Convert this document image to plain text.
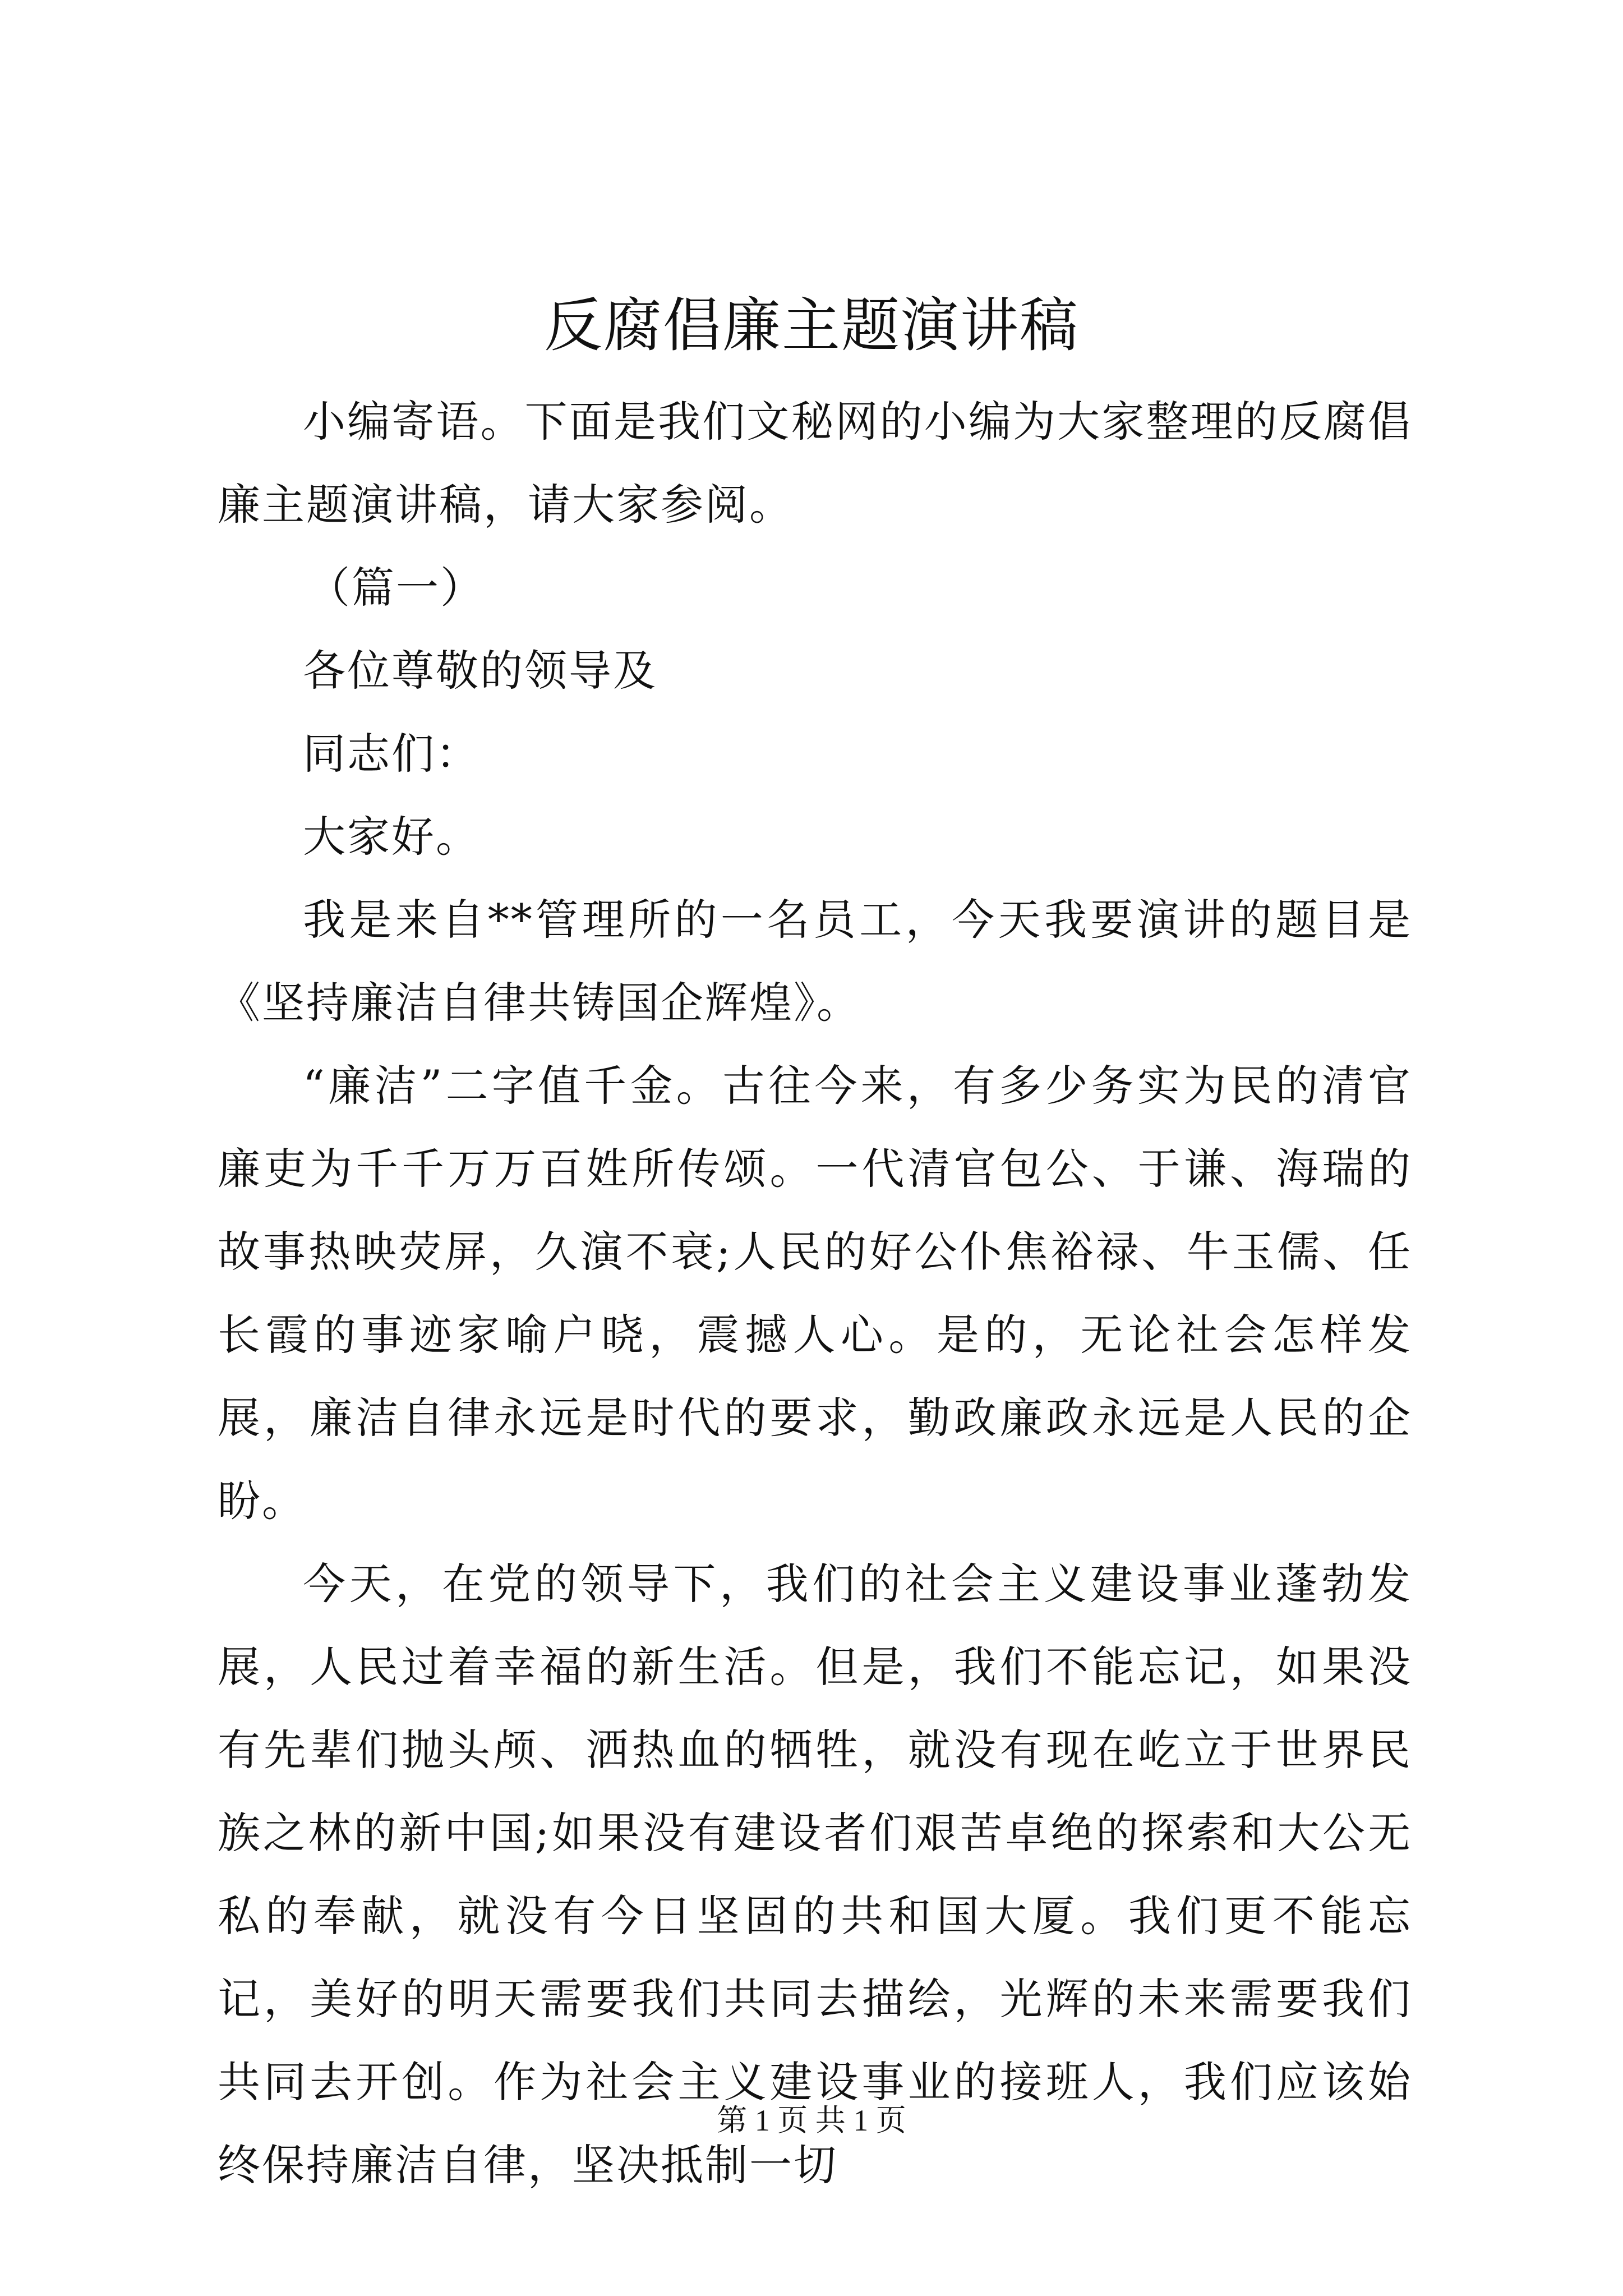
反腐倡廉主题演讲稿

小编寄语。下面是我们文秘网的小编为大家整理的反腐倡廉主题演讲稿，请大家参阅。

（篇一）

各位尊敬的领导及

同志们：

大家好。

我是来自**管理所的一名员工，今天我要演讲的题目是《坚持廉洁自律共铸国企辉煌》。

“廉洁”二字值千金。古往今来，有多少务实为民的清官廉吏为千千万万百姓所传颂。一代清官包公、于谦、海瑞的故事热映荧屏，久演不衰;人民的好公仆焦裕禄、牛玉儒、任长霞的事迹家喻户晓，震撼人心。是的，无论社会怎样发展，廉洁自律永远是时代的要求，勤政廉政永远是人民的企盼。

今天，在党的领导下，我们的社会主义建设事业蓬勃发展，人民过着幸福的新生活。但是，我们不能忘记，如果没有先辈们抛头颅、洒热血的牺牲，就没有现在屹立于世界民族之林的新中国;如果没有建设者们艰苦卓绝的探索和大公无私的奉献，就没有今日坚固的共和国大厦。我们更不能忘记，美好的明天需要我们共同去描绘，光辉的未来需要我们共同去开创。作为社会主义建设事业的接班人，我们应该始终保持廉洁自律，坚决抵制一切

第 1 页 共 1 页
